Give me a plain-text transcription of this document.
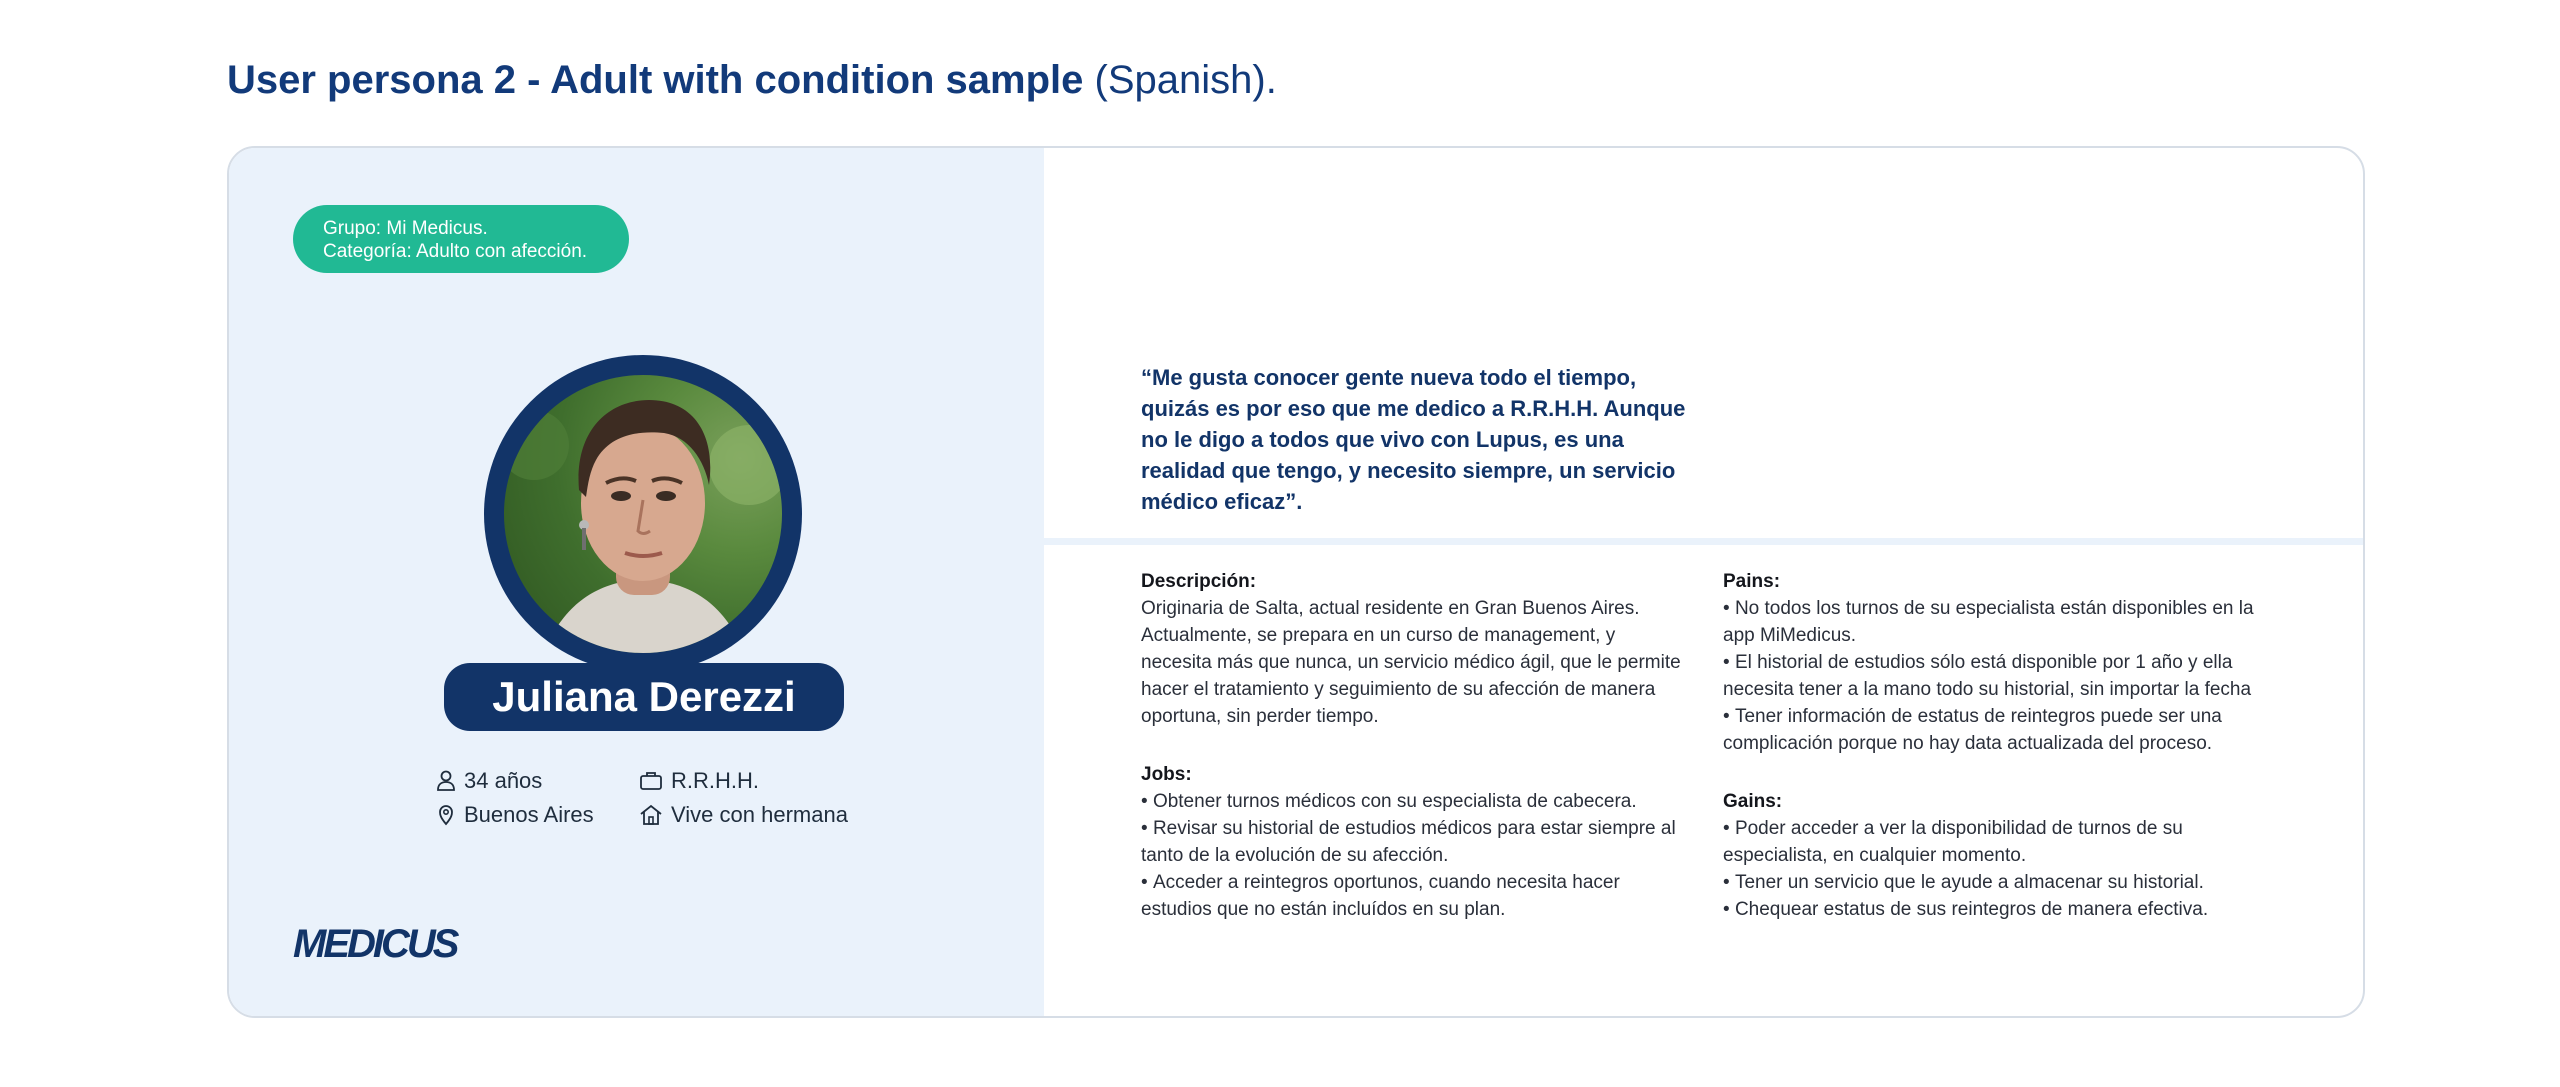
User persona 2 - Adult with condition sample (Spanish).
Grupo: Mi Medicus.
Categoría: Adulto con afección.
Juliana Derezzi
34 años
Buenos Aires
R.R.H.H.
Vive con hermana
MEDICUS

“Me gusta conocer gente nueva todo el tiempo, quizás es por eso que me dedico a R.R.H.H. Aunque no le digo a todos que vivo con Lupus, es una realidad que tengo, y necesito siempre, un servicio médico eficaz”.

Descripción:

Originaria de Salta, actual residente en Gran Buenos Aires. Actualmente, se prepara en un curso de management, y necesita más que nunca, un servicio médico ágil, que le permite hacer el tratamiento y seguimiento de su afección de manera oportuna, sin perder tiempo.

Jobs:
• Obtener turnos médicos con su especialista de cabecera.
• Revisar su historial de estudios médicos para estar siempre al tanto de la evolución de su afección.
• Acceder a reintegros oportunos, cuando necesita hacer estudios que no están incluídos en su plan.
Pains:
• No todos los turnos de su especialista están disponibles en la app MiMedicus.
• El historial de estudios sólo está disponible por 1 año y ella necesita tener a la mano todo su historial, sin importar la fecha
• Tener información de estatus de reintegros puede ser una complicación porque no hay data actualizada del proceso.
Gains:
• Poder acceder a ver la disponibilidad de turnos de su especialista, en cualquier momento.
• Tener un servicio que le ayude a almacenar su historial.
• Chequear estatus de sus reintegros de manera efectiva.
